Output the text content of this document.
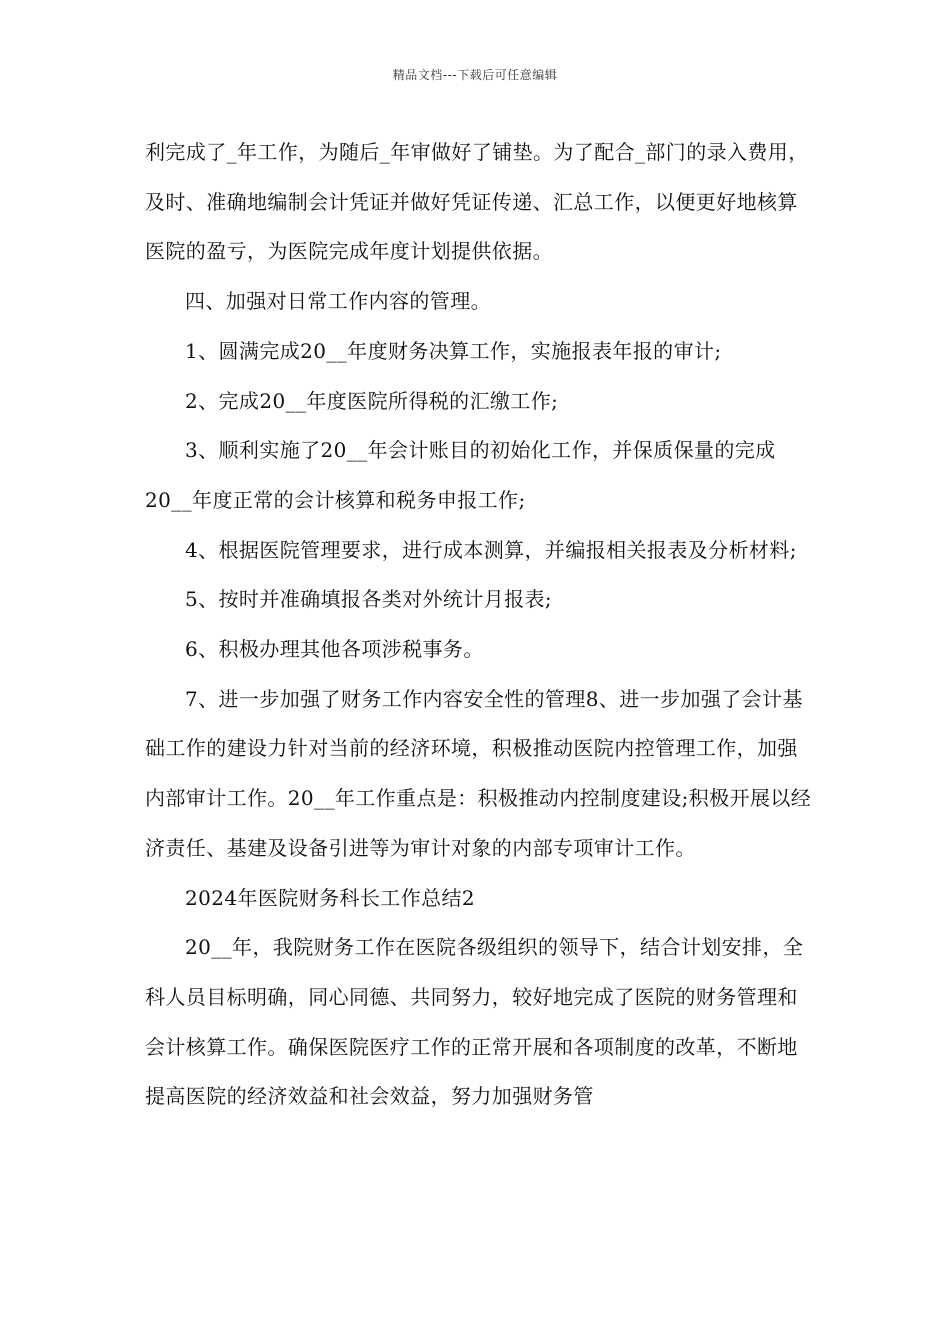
精品文档---下载后可任意编辑

利完成了_年工作，为随后_年审做好了铺垫。为了配合_部门的录入费用，及时、准确地编制会计凭证并做好凭证传递、汇总工作，以便更好地核算医院的盈亏，为医院完成年度计划提供依据。

四、加强对日常工作内容的管理。

1、圆满完成20__年度财务决算工作，实施报表年报的审计;

2、完成20__年度医院所得税的汇缴工作;

3、顺利实施了20__年会计账目的初始化工作，并保质保量的完成20__年度正常的会计核算和税务申报工作;

4、根据医院管理要求，进行成本测算，并编报相关报表及分析材料;

5、按时并准确填报各类对外统计月报表;

6、积极办理其他各项涉税事务。

7、进一步加强了财务工作内容安全性的管理8、进一步加强了会计基础工作的建设力针对当前的经济环境，积极推动医院内控管理工作，加强内部审计工作。20__年工作重点是：积极推动内控制度建设;积极开展以经济责任、基建及设备引进等为审计对象的内部专项审计工作。

2024年医院财务科长工作总结2

20__年，我院财务工作在医院各级组织的领导下，结合计划安排，全科人员目标明确，同心同德、共同努力，较好地完成了医院的财务管理和会计核算工作。确保医院医疗工作的正常开展和各项制度的改革，不断地提高医院的经济效益和社会效益，努力加强财务管
